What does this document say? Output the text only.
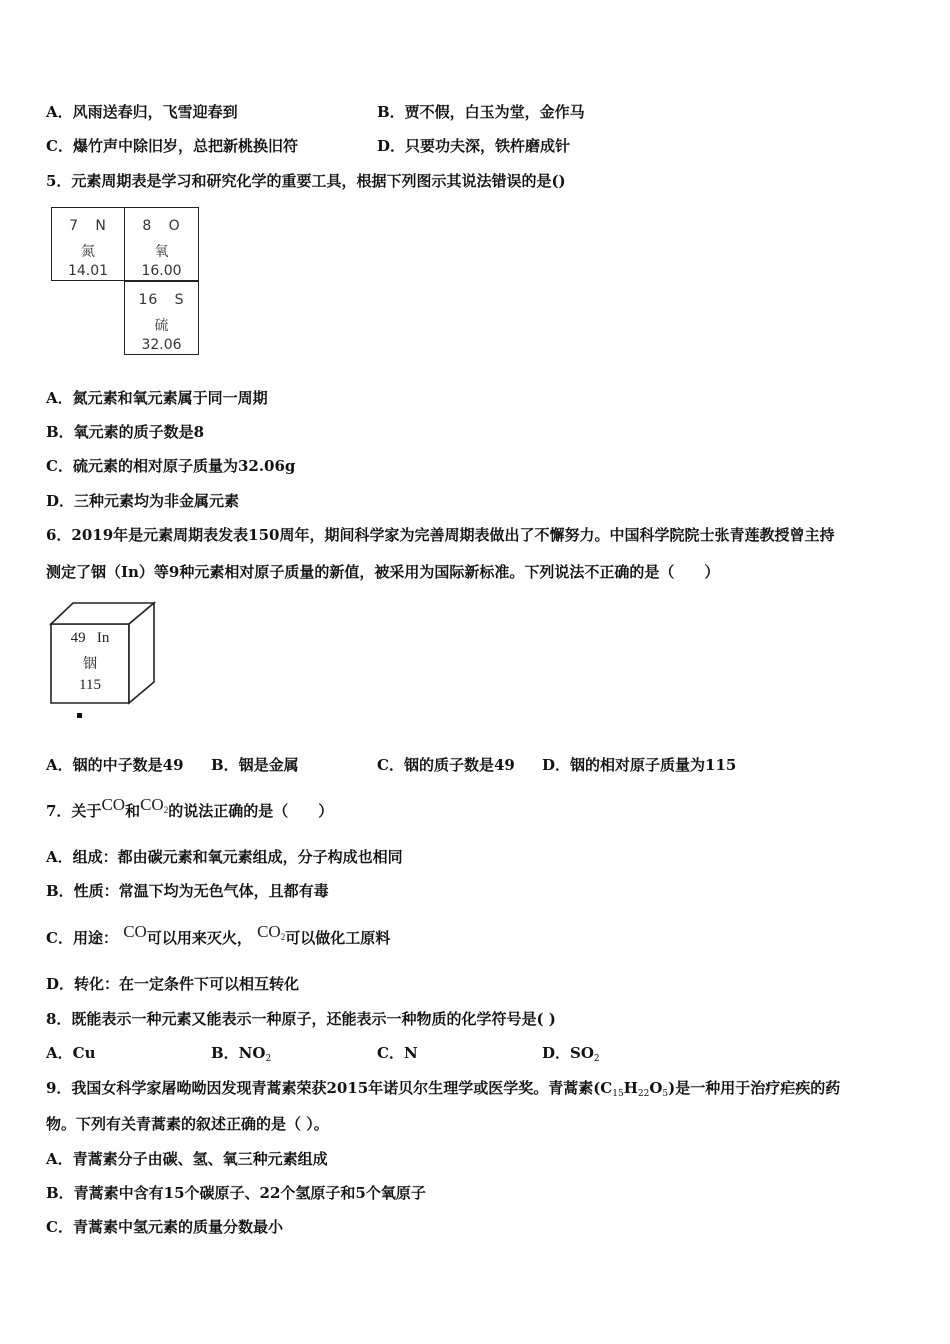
A．风雨送春归，飞雪迎春到	B．贾不假，白玉为堂，金作马
C．爆竹声中除旧岁，总把新桃换旧符	D．只要功夫深，铁杵磨成针
5．元素周期表是学习和研究化学的重要工具，根据下列图示其说法错误的是()
7 N
氮
14.01
8 O
氧
16.00
16 S
硫
32.06
A．氮元素和氧元素属于同一周期
B．氧元素的质子数是8
C．硫元素的相对原子质量为32.06g
D．三种元素均为非金属元素
6．2019年是元素周期表发表150周年，期间科学家为完善周期表做出了不懈努力。中国科学院院士张青莲教授曾主持
测定了铟（In）等9种元素相对原子质量的新值，被采用为国际新标准。下列说法不正确的是（　　）
49 In
铟
115
A．铟的中子数是49 B．铟是金属	C．铟的质子数是49 D．铟的相对原子质量为115
7．关于CO和$CO_2$的说法正确的是（　　）
A．组成：都由碳元素和氧元素组成，分子构成也相同
B．性质：常温下均为无色气体，且都有毒
C．用途： CO可以用来灭火， $CO_2$可以做化工原料
D．转化：在一定条件下可以相互转化
8．既能表示一种元素又能表示一种原子，还能表示一种物质的化学符号是( )
A．Cu	B．$NO_2$	C．N	D．$SO_2$
9．我国女科学家屠呦呦因发现青蒿素荣获2015年诺贝尔生理学或医学奖。青蒿素$(C_{15}H_{22}O_5)$是一种用于治疗疟疾的药
物。下列有关青蒿素的叙述正确的是（ ）。
A．青蒿素分子由碳、氢、氧三种元素组成
B．青蒿素中含有15个碳原子、22个氢原子和5个氧原子
C．青蒿素中氢元素的质量分数最小
